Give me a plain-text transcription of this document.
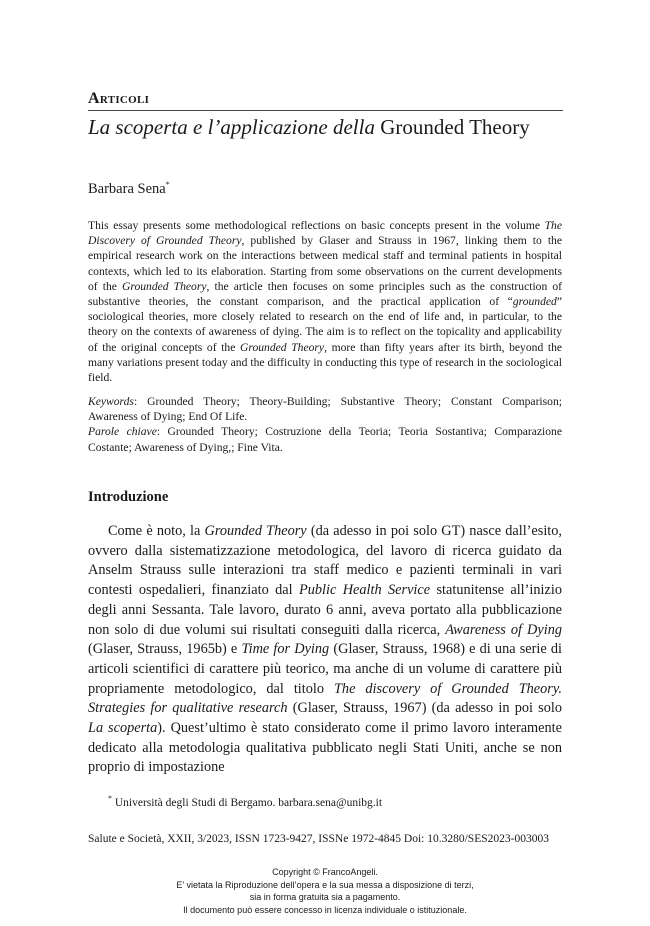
Articoli
La scoperta e l’applicazione della Grounded Theory
Barbara Sena*
This essay presents some methodological reflections on basic concepts present in the volume The Discovery of Grounded Theory, published by Glaser and Strauss in 1967, linking them to the empirical research work on the interactions between medical staff and terminal patients in hospital contexts, which led to its elaboration. Starting from some observations on the current developments of the Grounded Theory, the article then focuses on some principles such as the construction of substantive theories, the constant comparison, and the practical application of “grounded” sociological theories, more closely related to research on the end of life and, in particular, to the theory on the contexts of awareness of dying. The aim is to reflect on the topicality and applicability of the original concepts of the Grounded Theory, more than fifty years after its birth, beyond the many variations present today and the difficulty in conducting this type of research in the sociological field.

Keywords: Grounded Theory; Theory-Building; Substantive Theory; Constant Comparison; Awareness of Dying; End Of Life.

Parole chiave: Grounded Theory; Costruzione della Teoria; Teoria Sostantiva; Comparazione Costante; Awareness of Dying,; Fine Vita.

Introduzione
Come è noto, la Grounded Theory (da adesso in poi solo GT) nasce dall’esito, ovvero dalla sistematizzazione metodologica, del lavoro di ricerca guidato da Anselm Strauss sulle interazioni tra staff medico e pazienti terminali in vari contesti ospedalieri, finanziato dal Public Health Service statunitense all’inizio degli anni Sessanta. Tale lavoro, durato 6 anni, aveva portato alla pubblicazione non solo di due volumi sui risultati conseguiti dalla ricerca, Awareness of Dying (Glaser, Strauss, 1965b) e Time for Dying (Glaser, Strauss, 1968) e di una serie di articoli scientifici di carattere più teorico, ma anche di un volume di carattere più propriamente metodologico, dal titolo The discovery of Grounded Theory. Strategies for qualitative research (Glaser, Strauss, 1967) (da adesso in poi solo La scoperta). Quest’ultimo è stato considerato come il primo lavoro interamente dedicato alla metodologia qualitativa pubblicato negli Stati Uniti, anche se non proprio di impostazione
* Università degli Studi di Bergamo. barbara.sena@unibg.it
Salute e Società, XXII, 3/2023, ISSN 1723-9427, ISSNe 1972-4845 Doi: 10.3280/SES2023-003003
Copyright © FrancoAngeli.
E’ vietata la Riproduzione dell’opera e la sua messa a disposizione di terzi,
sia in forma gratuita sia a pagamento.
Il documento può essere concesso in licenza individuale o istituzionale.
